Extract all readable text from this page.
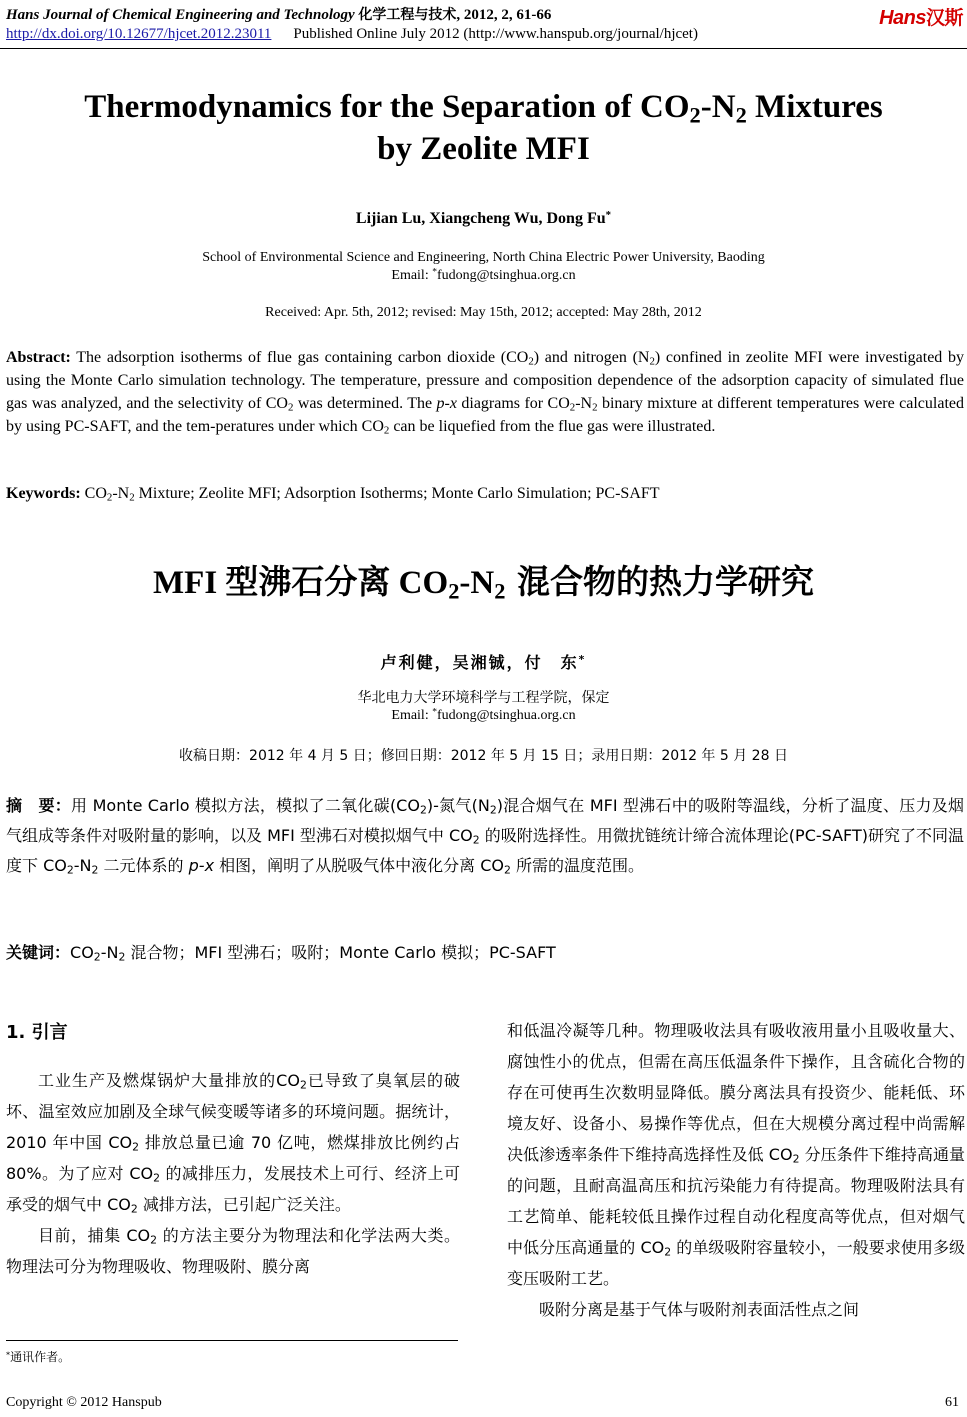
Hans Journal of Chemical Engineering and Technology 化学工程与技术, 2012, 2, 61-66
http://dx.doi.org/10.12677/hjcet.2012.23011 Published Online July 2012 (http://www.hanspub.org/journal/hjcet)
Hans汉斯
Thermodynamics for the Separation of $CO_2-N_2$ Mixtures
by Zeolite MFI
Lijian Lu, Xiangcheng Wu, Dong Fu*
School of Environmental Science and Engineering, North China Electric Power University, Baoding
Email: *fudong@tsinghua.org.cn
Received: Apr. 5th, 2012; revised: May 15th, 2012; accepted: May 28th, 2012
Abstract: The adsorption isotherms of flue gas containing carbon dioxide $(CO_2)$ and nitrogen $(N_2)$ confined in zeolite MFI were investigated by using the Monte Carlo simulation technology. The temperature, pressure and composition dependence of the adsorption capacity of simulated flue gas was analyzed, and the selectivity of $CO_2$ was determined. The p-x diagrams for $CO_2-N_2$ binary mixture at different temperatures were calculated by using PC-SAFT, and the tem-peratures under which $CO_2$ can be liquefied from the flue gas were illustrated.
Keywords: $CO_2-N_2$ Mixture; Zeolite MFI; Adsorption Isotherms; Monte Carlo Simulation; PC-SAFT
MFI 型沸石分离 $CO_2-N_2$ 混合物的热力学研究
卢利健，吴湘铖，付　东*
华北电力大学环境科学与工程学院，保定
Email: *fudong@tsinghua.org.cn
收稿日期：2012 年 4 月 5 日；修回日期：2012 年 5 月 15 日；录用日期：2012 年 5 月 28 日
摘　要：用 Monte Carlo 模拟方法，模拟了二氧化碳$(CO_2)-$氮气$(N_2)$混合烟气在 MFI 型沸石中的吸附等温线，分析了温度、压力及烟气组成等条件对吸附量的影响，以及 MFI 型沸石对模拟烟气中 $CO_2$ 的吸附选择性。用微扰链统计缔合流体理论(PC-SAFT)研究了不同温度下 $CO_2-N_2$ 二元体系的 p-x 相图，阐明了从脱吸气体中液化分离 $CO_2$ 所需的温度范围。
关键词：$CO_2-N_2$ 混合物；MFI 型沸石；吸附；Monte Carlo 模拟；PC-SAFT
1. 引言

工业生产及燃煤锅炉大量排放的$CO_2$已导致了臭氧层的破坏、温室效应加剧及全球气候变暖等诸多的环境问题。据统计，2010 年中国 $CO_2$ 排放总量已逾 70 亿吨，燃煤排放比例约占 80%。为了应对 $CO_2$ 的减排压力，发展技术上可行、经济上可承受的烟气中 $CO_2$ 减排方法，已引起广泛关注。

目前，捕集 $CO_2$ 的方法主要分为物理法和化学法两大类。物理法可分为物理吸收、物理吸附、膜分离

和低温冷凝等几种。物理吸收法具有吸收液用量小且吸收量大、腐蚀性小的优点，但需在高压低温条件下操作，且含硫化合物的存在可使再生次数明显降低。膜分离法具有投资少、能耗低、环境友好、设备小、易操作等优点，但在大规模分离过程中尚需解决低渗透率条件下维持高选择性及低 $CO_2$ 分压条件下维持高通量的问题，且耐高温高压和抗污染能力有待提高。物理吸附法具有工艺简单、能耗较低且操作过程自动化程度高等优点，但对烟气中低分压高通量的 $CO_2$ 的单级吸附容量较小，一般要求使用多级变压吸附工艺。

吸附分离是基于气体与吸附剂表面活性点之间

*通讯作者。
Copyright © 2012 Hanspub	61
